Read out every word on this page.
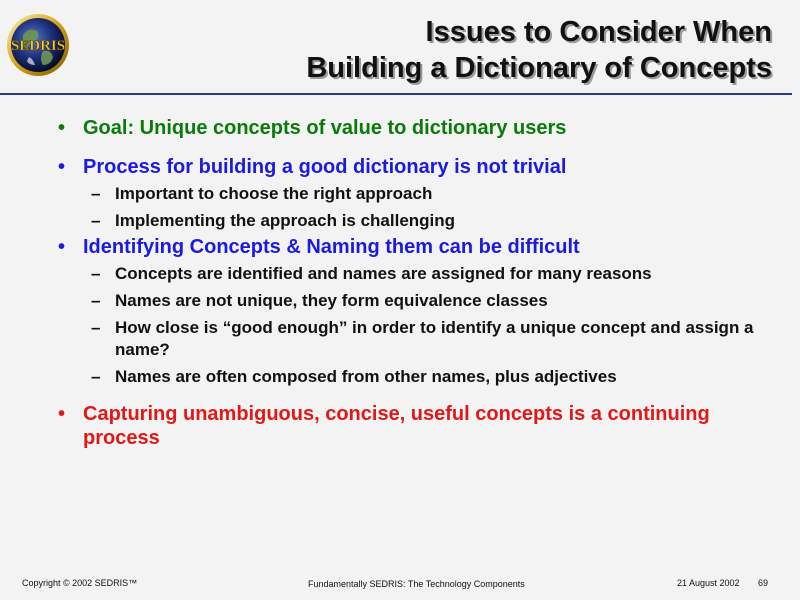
SEDRIS	Issues to Consider When
Building a Dictionary of Concepts
• Goal: Unique concepts of value to dictionary users
• Process for building a good dictionary is not trivial
– Important to choose the right approach
– Implementing the approach is challenging
• Identifying Concepts & Naming them can be difficult
– Concepts are identified and names are assigned for many reasons
– Names are not unique, they form equivalence classes
– How close is “good enough” in order to identify a unique concept and assign a name?
– Names are often composed from other names, plus adjectives
• Capturing unambiguous, concise, useful concepts is a continuing process
Copyright © 2002 SEDRIS™	Fundamentally SEDRIS: The Technology Components	21 August 2002 69
